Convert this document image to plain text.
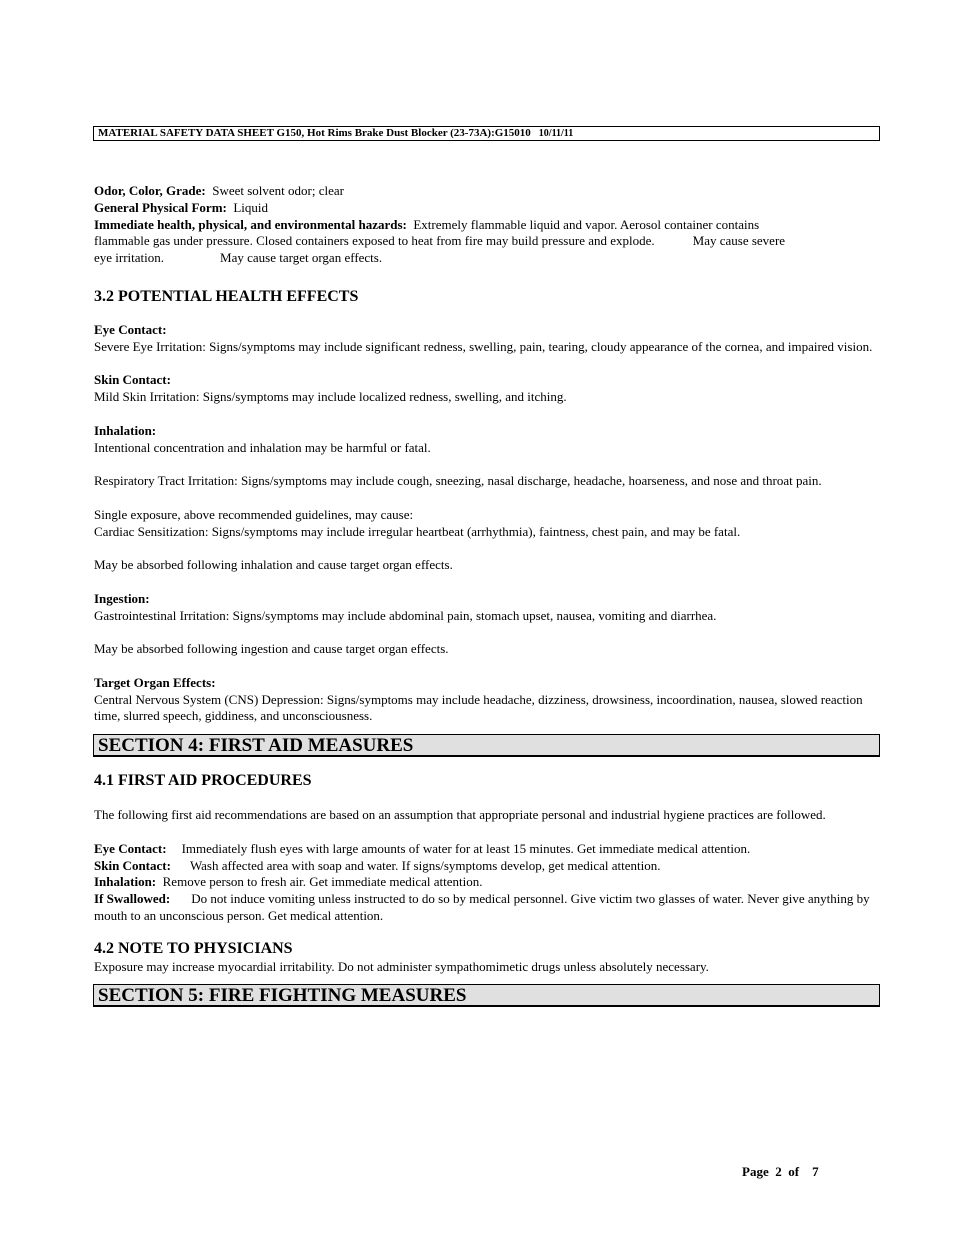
MATERIAL SAFETY DATA SHEET G150, Hot Rims Brake Dust Blocker (23-73A):G15010 10/11/11

Odor, Color, Grade: Sweet solvent odor; clear

General Physical Form: Liquid

Immediate health, physical, and environmental hazards: Extremely flammable liquid and vapor. Aerosol container contains

flammable gas under pressure. Closed containers exposed to heat from fire may build pressure and explode.	May cause severe

eye irritation.	May cause target organ effects.

3.2 POTENTIAL HEALTH EFFECTS

Eye Contact:

Severe Eye Irritation: Signs/symptoms may include significant redness, swelling, pain, tearing, cloudy appearance of the cornea, and impaired vision.

Skin Contact:

Mild Skin Irritation: Signs/symptoms may include localized redness, swelling, and itching.

Inhalation:

Intentional concentration and inhalation may be harmful or fatal.

Respiratory Tract Irritation: Signs/symptoms may include cough, sneezing, nasal discharge, headache, hoarseness, and nose and throat pain.

Single exposure, above recommended guidelines, may cause:

Cardiac Sensitization: Signs/symptoms may include irregular heartbeat (arrhythmia), faintness, chest pain, and may be fatal.

May be absorbed following inhalation and cause target organ effects.

Ingestion:

Gastrointestinal Irritation: Signs/symptoms may include abdominal pain, stomach upset, nausea, vomiting and diarrhea.

May be absorbed following ingestion and cause target organ effects.

Target Organ Effects:

Central Nervous System (CNS) Depression: Signs/symptoms may include headache, dizziness, drowsiness, incoordination, nausea, slowed reaction time, slurred speech, giddiness, and unconsciousness.

SECTION 4: FIRST AID MEASURES
4.1 FIRST AID PROCEDURES

The following first aid recommendations are based on an assumption that appropriate personal and industrial hygiene practices are followed.

Eye Contact: Immediately flush eyes with large amounts of water for at least 15 minutes. Get immediate medical attention.

Skin Contact: Wash affected area with soap and water. If signs/symptoms develop, get medical attention.

Inhalation: Remove person to fresh air. Get immediate medical attention.

If Swallowed: Do not induce vomiting unless instructed to do so by medical personnel. Give victim two glasses of water. Never give anything by mouth to an unconscious person. Get medical attention.

4.2 NOTE TO PHYSICIANS

Exposure may increase myocardial irritability. Do not administer sympathomimetic drugs unless absolutely necessary.

SECTION 5: FIRE FIGHTING MEASURES
Page 2 of 7
